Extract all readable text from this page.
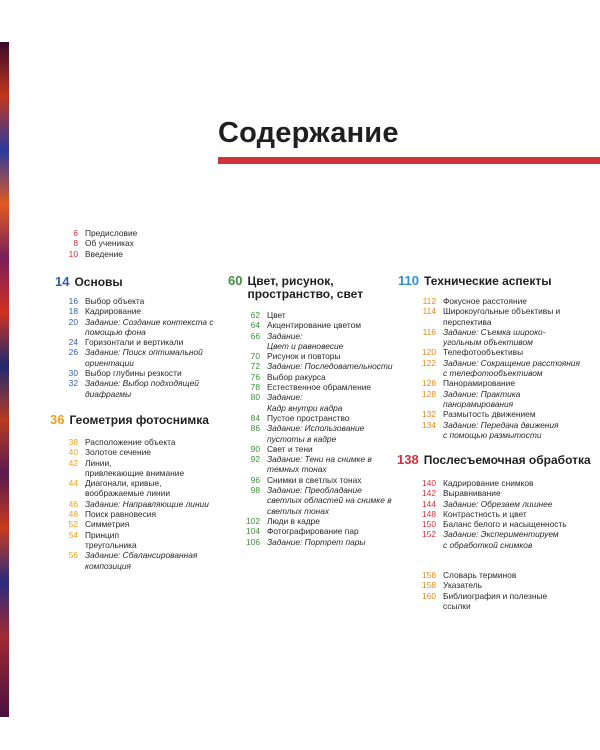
Содержание
6 Предисловие
8 Об учениках
10 Введение
14 Основы
16 Выбор объекта
18 Кадрирование
20 Задание: Создание контекста с
помощью фона
24 Горизонтали и вертикали
26 Задание: Поиск оптимальной
ориентации
30 Выбор глубины резкости
32 Задание: Выбор подходящей
диафрагмы
36 Геометрия фотоснимка
38 Расположение объекта
40 Золотое сечение
42 Линии,
привлекающие внимание
44 Диагонали, кривые,
воображаемые линии
46 Задание: Направляющие линии
48 Поиск равновесия
52 Симметрия
54 Принцип
треугольника
56 Задание: Сбалансированная
композиция
60 Цвет, рисунок,
пространство, свет
62 Цвет
64 Акцентирование цветом
66 Задание:
Цвет и равновесие
70 Рисунок и повторы
72 Задание: Последовательности
76 Выбор ракурса
78 Естественное обрамление
80 Задание:
Кадр внутри кадра
84 Пустое пространство
86 Задание: Использование
пустоты в кадре
90 Свет и тени
92 Задание: Тени на снимке в
темных тонах
96 Снимки в светлых тонах
98 Задание: Преобладание
светлых областей на снимке в
светлых тонах
102 Люди в кадре
104 Фотографирование пар
106 Задание: Портрет пары
110 Технические аспекты
112 Фокусное расстояние
114 Широкоугольные объективы и
перспектива
116 Задание: Съемка широко-
угольным объективом
120 Телефотообъективы
122 Задание: Сокращение расстояния
с телефотообъективом
126 Панорамирование
128 Задание: Практика
панорамирования
132 Размытость движением
134 Задание: Передача движения
с помощью размытости
138 Послесъемочная обработка
140 Кадрирование снимков
142 Выравнивание
144 Задание: Обрезаем лишнее
148 Контрастность и цвет
150 Баланс белого и насыщенность
152 Задание: Экспериментируем
с обработкой снимков
156 Словарь терминов
158 Указатель
160 Библиография и полезные
ссылки
